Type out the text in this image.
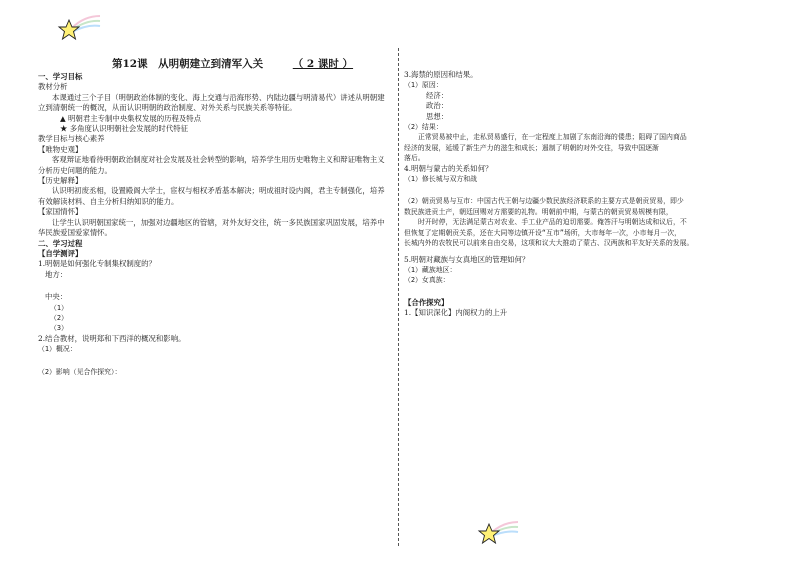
第12课　从明朝建立到清军入关	（ 2 课时 ）
一、学习目标
教材分析
本课通过三个子目（明朝政治体制的变化、海上交通与沿海形势、内陆边疆与明清易代）讲述从明朝建立到清朝统一的概况，从而认识明朝的政治制度、对外关系与民族关系等特征。
▲ 明朝君主专制中央集权发展的历程及特点
★ 多角度认识明朝社会发展的时代特征
教学目标与核心素养
【唯物史观】
客观辩证地看待明朝政治制度对社会发展及社会转型的影响，培养学生用历史唯物主义和辩证唯物主义分析历史问题的能力。
【历史解释】
认识明初废丞相，设置殿阁大学士，宦权与相权矛盾基本解决；明成祖时设内阁，君主专制强化，培养有效解读材料、自主分析归纳知识的能力。
【家国情怀】
让学生认识明朝国家统一，加强对边疆地区的管辖，对外友好交往，统一多民族国家巩固发展，培养中华民族爱国爱家情怀。
二、学习过程
【自学测评】
1.明朝是如何强化专制集权制度的？
地方：
中央：
（1）
（2）
（3）
2.结合教材，说明郑和下西洋的概况和影响。
（1）概况：
（2）影响（见合作探究）：
3.海禁的原因和结果。
（1）原因：
经济：
政治：
思想：
（2）结果：
正常贸易被中止，走私贸易盛行，在一定程度上加剧了东南沿海的倭患；阻碍了国内商品
经济的发展，延缓了新生产力的滋生和成长；遏制了明朝的对外交往，导致中国逐渐
落后。
4.明朝与蒙古的关系如何？
（1）修长城与双方和战
（2）朝贡贸易与互市：中国古代王朝与边疆少数民族经济联系的主要方式是朝贡贸易，即少
数民族进贡土产，朝廷回赐对方需要的礼物。明朝前中期，与蒙古的朝贡贸易规模有限，
时开时停，无法满足蒙古对农业、手工业产品的迫切需要。俺答汗与明朝达成和议后，不
但恢复了定期朝贡关系，还在大同等边镇开设“互市”场所，大市每年一次，小市每月一次，
长城内外的农牧民可以前来自由交易，这项和议大大推动了蒙古、汉两族和平友好关系的发展。
5.明朝对藏族与女真地区的管理如何？
（1）藏族地区：
（2）女真族：
【合作探究】
1.【知识深化】内阁权力的上升
